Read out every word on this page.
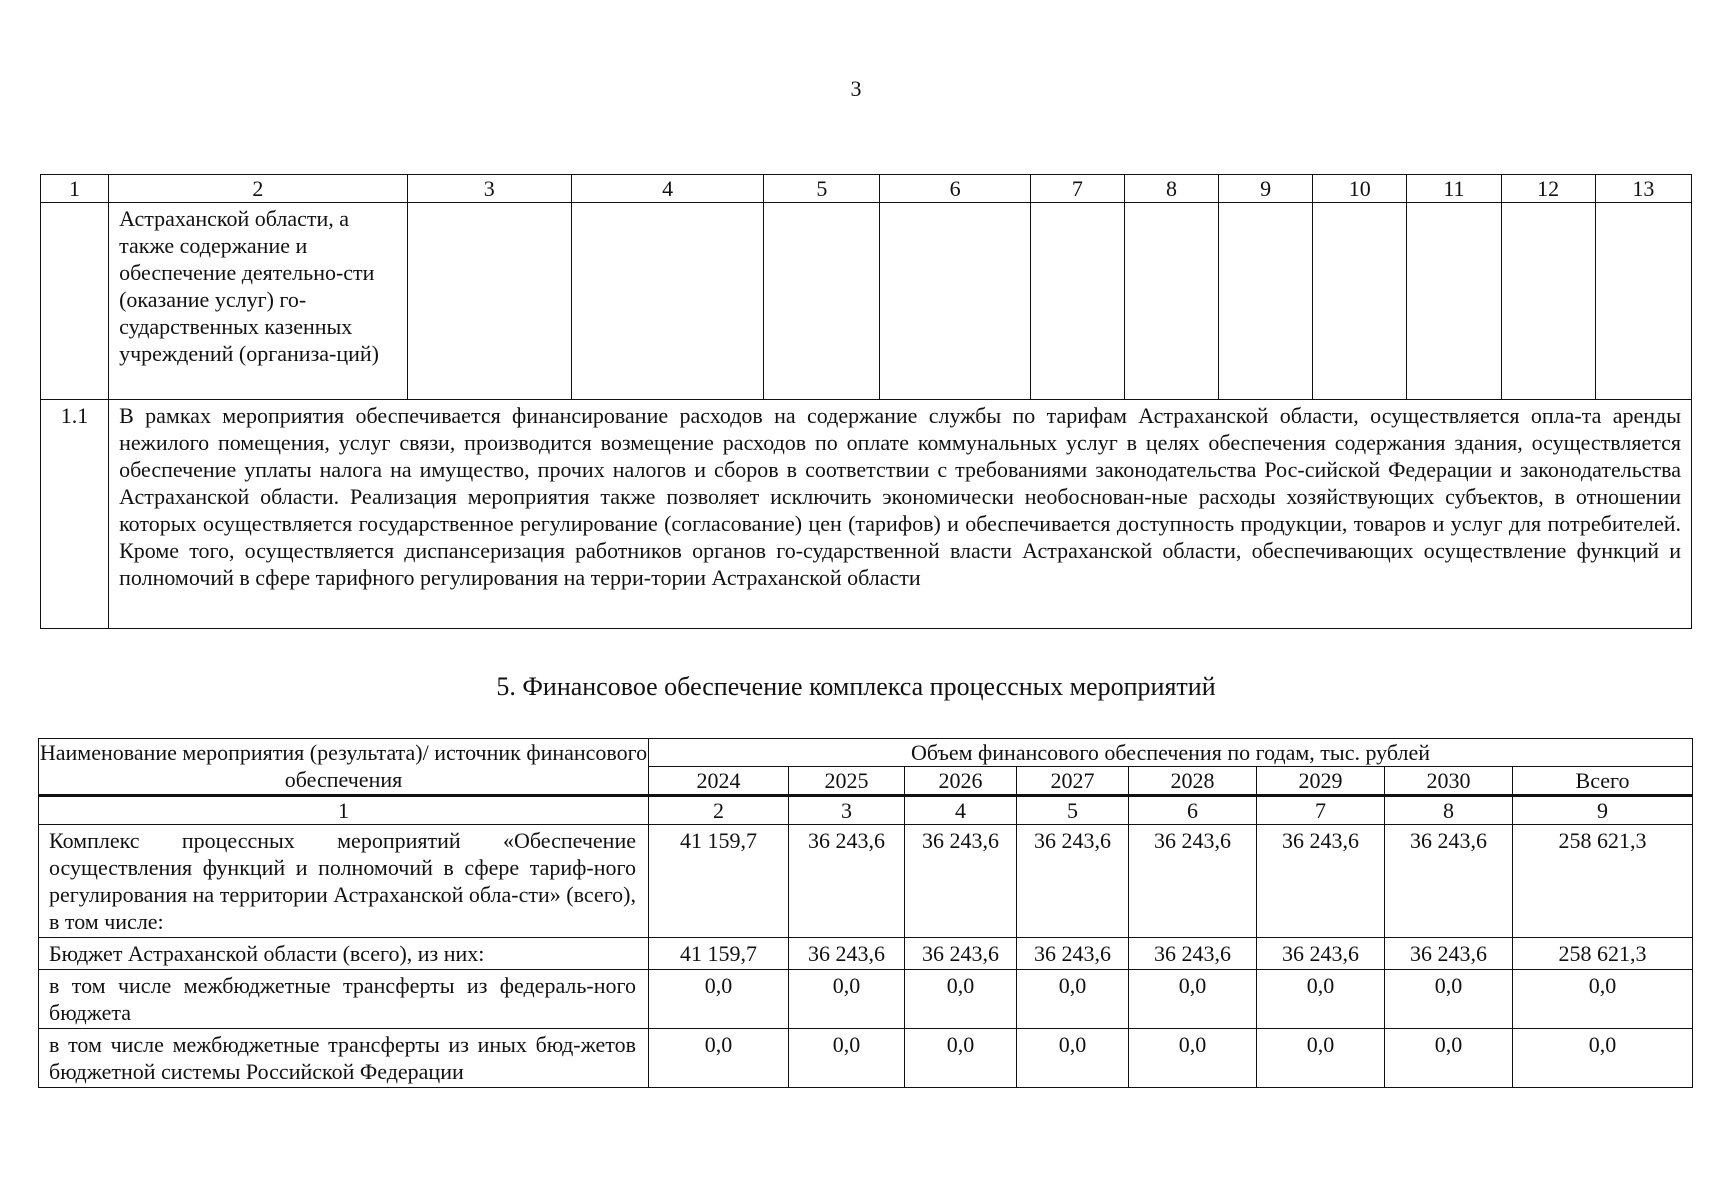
3
1	2	3	4	5	6	7	8	9	10	11	12	13
	Астраханской области, а также содержание и обеспечение деятельно-сти (оказание услуг) го-сударственных казенных учреждений (организа-ций)											
1.1	В рамках мероприятия обеспечивается финансирование расходов на содержание службы по тарифам Астраханской области, осуществляется опла-та аренды нежилого помещения, услуг связи, производится возмещение расходов по оплате коммунальных услуг в целях обеспечения содержания здания, осуществляется обеспечение уплаты налога на имущество, прочих налогов и сборов в соответствии с требованиями законодательства Рос-сийской Федерации и законодательства Астраханской области. Реализация мероприятия также позволяет исключить экономически необоснован-ные расходы хозяйствующих субъектов, в отношении которых осуществляется государственное регулирование (согласование) цен (тарифов) и обеспечивается доступность продукции, товаров и услуг для потребителей. Кроме того, осуществляется диспансеризация работников органов го-сударственной власти Астраханской области, обеспечивающих осуществление функций и полномочий в сфере тарифного регулирования на терри-тории Астраханской области											
5. Финансовое обеспечение комплекса процессных мероприятий
Наименование мероприятия (результата)/ источник финансового обеспечения	Объем финансового обеспечения по годам, тыс. рублей							
	2024	2025	2026	2027	2028	2029	2030	Всего
1	2	3	4	5	6	7	8	9
Комплекс процессных мероприятий «Обеспечение осуществления функций и полномочий в сфере тариф-ного регулирования на территории Астраханской обла-сти» (всего), в том числе:	41 159,7	36 243,6	36 243,6	36 243,6	36 243,6	36 243,6	36 243,6	258 621,3
Бюджет Астраханской области (всего), из них:	41 159,7	36 243,6	36 243,6	36 243,6	36 243,6	36 243,6	36 243,6	258 621,3
в том числе межбюджетные трансферты из федераль-ного бюджета	0,0	0,0	0,0	0,0	0,0	0,0	0,0	0,0
в том числе межбюджетные трансферты из иных бюд-жетов бюджетной системы Российской Федерации	0,0	0,0	0,0	0,0	0,0	0,0	0,0	0,0
